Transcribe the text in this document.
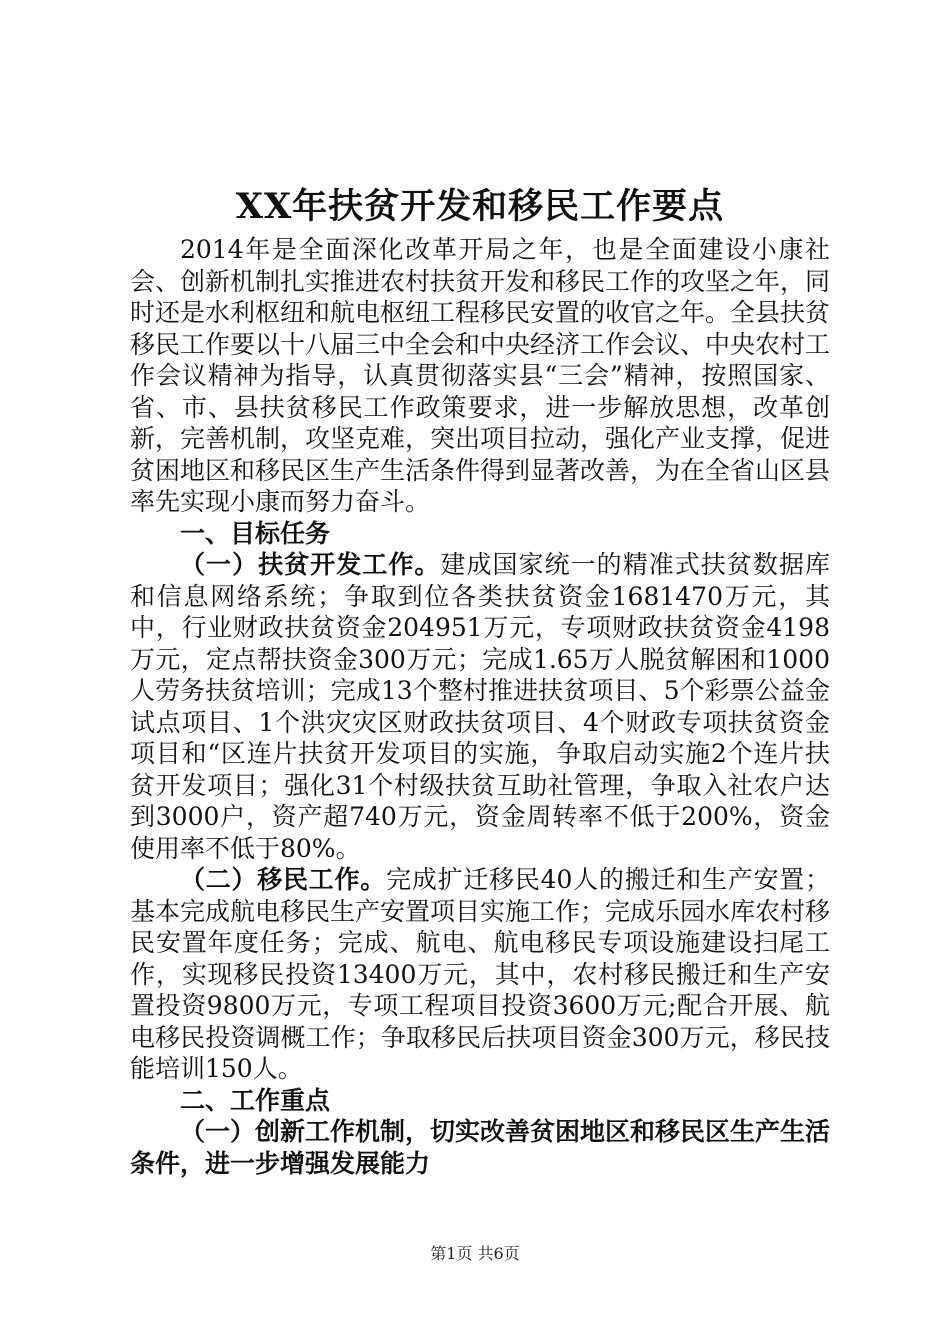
XX年扶贫开发和移民工作要点

2014年是全面深化改革开局之年，也是全面建设小康社会、创新机制扎实推进农村扶贫开发和移民工作的攻坚之年，同时还是水利枢纽和航电枢纽工程移民安置的收官之年。全县扶贫移民工作要以十八届三中全会和中央经济工作会议、中央农村工作会议精神为指导，认真贯彻落实县“三会”精神，按照国家、省、市、县扶贫移民工作政策要求，进一步解放思想，改革创新，完善机制，攻坚克难，突出项目拉动，强化产业支撑，促进贫困地区和移民区生产生活条件得到显著改善，为在全省山区县率先实现小康而努力奋斗。

一、目标任务

（一）扶贫开发工作。建成国家统一的精准式扶贫数据库和信息网络系统；争取到位各类扶贫资金1681470万元，其中，行业财政扶贫资金204951万元，专项财政扶贫资金4198万元，定点帮扶资金300万元；完成1.65万人脱贫解困和1000人劳务扶贫培训；完成13个整村推进扶贫项目、5个彩票公益金试点项目、1个洪灾灾区财政扶贫项目、4个财政专项扶贫资金项目和“区连片扶贫开发项目的实施，争取启动实施2个连片扶贫开发项目；强化31个村级扶贫互助社管理，争取入社农户达到3000户，资产超740万元，资金周转率不低于200%，资金使用率不低于80%。

（二）移民工作。完成扩迁移民40人的搬迁和生产安置；基本完成航电移民生产安置项目实施工作；完成乐园水库农村移民安置年度任务；完成、航电、航电移民专项设施建设扫尾工作，实现移民投资13400万元，其中，农村移民搬迁和生产安置投资9800万元，专项工程项目投资3600万元;配合开展、航电移民投资调概工作；争取移民后扶项目资金300万元，移民技能培训150人。

二、工作重点

（一）创新工作机制，切实改善贫困地区和移民区生产生活条件，进一步增强发展能力

第1页 共6页
